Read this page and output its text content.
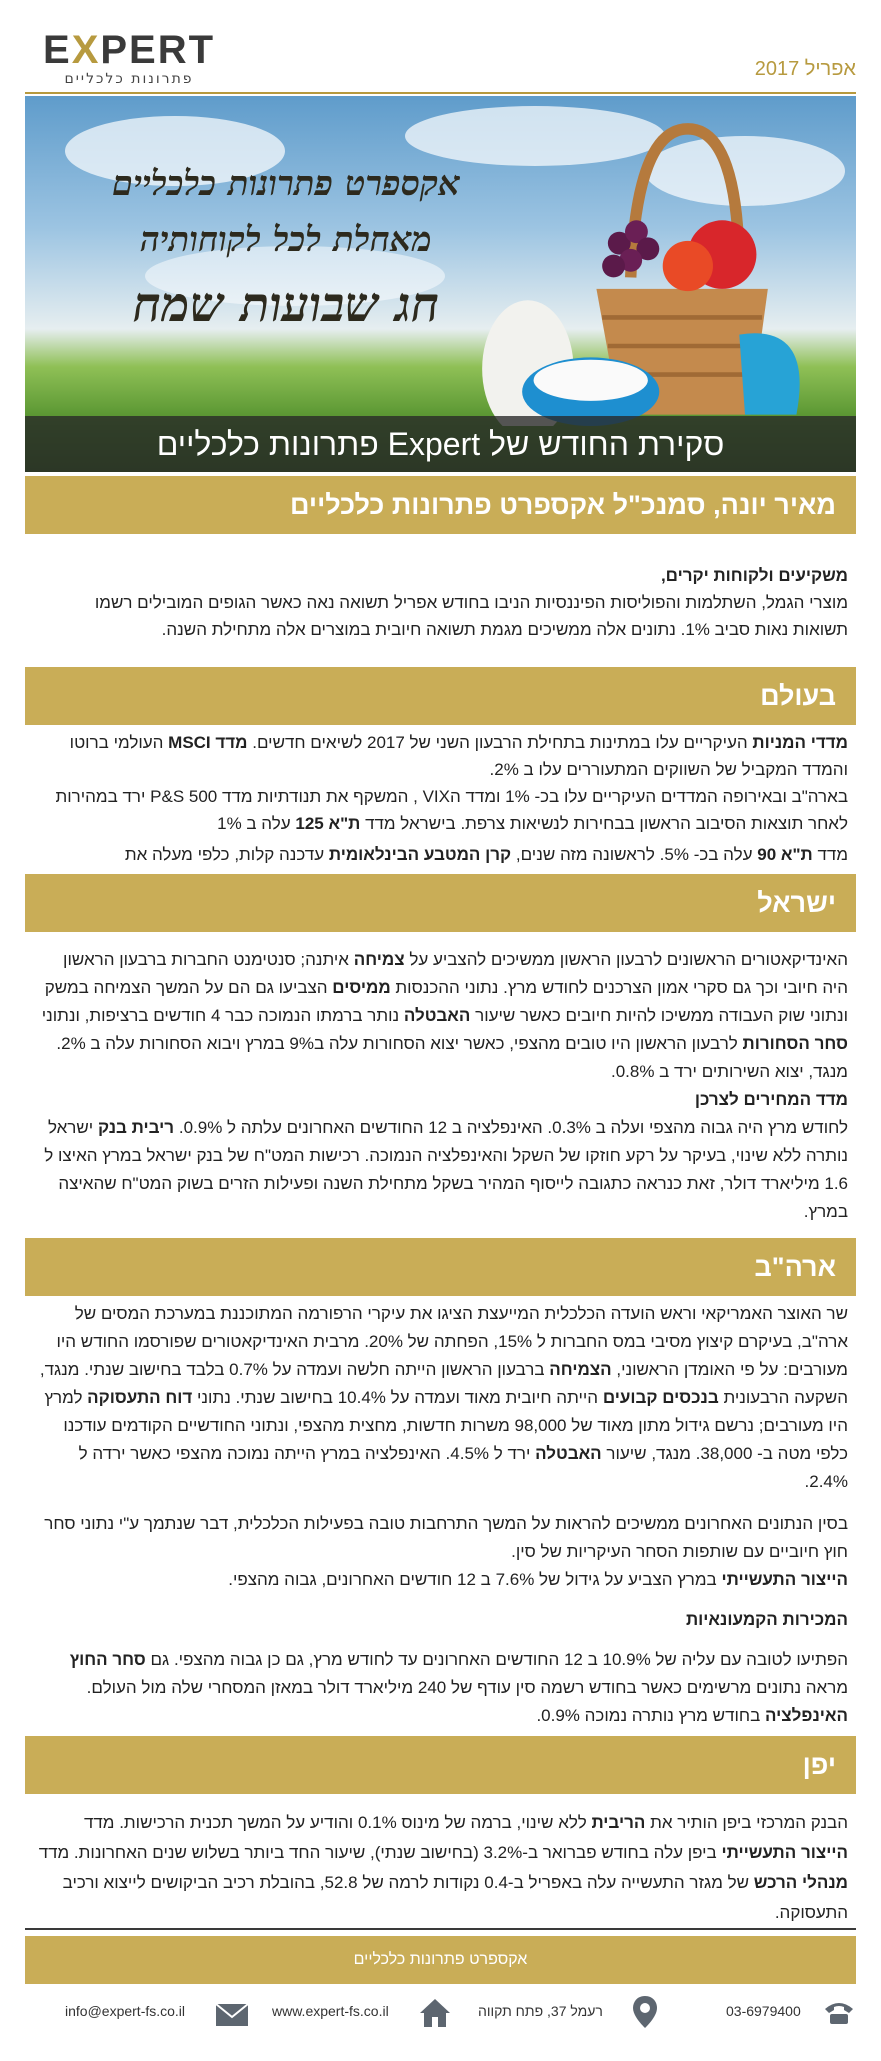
EXPERT
פתרונות כלכליים	אפריל 2017
אקספרט פתרונות כלכליים
מאחלת לכל לקוחותיה
חג שבועות שמח
סקירת החודש של Expert פתרונות כלכליים
מאיר יונה, סמנכ"ל אקספרט פתרונות כלכליים

משקיעים ולקוחות יקרים,

מוצרי הגמל, השתלמות והפוליסות הפיננסיות הניבו בחודש אפריל תשואה נאה כאשר הגופים המובילים רשמו תשואות נאות סביב 1%. נתונים אלה ממשיכים מגמת תשואה חיובית במוצרים אלה מתחילת השנה.

בעולם

מדדי המניות העיקריים עלו במתינות בתחילת הרבעון השני של 2017 לשיאים חדשים. מדד MSCI העולמי ברוטו והמדד המקביל של השווקים המתעוררים עלו ב 2%.

בארה"ב ובאירופה המדדים העיקריים עלו בכ- 1% ומדד הVIX , המשקף את תנודתיות מדד P&S 500 ירד במהירות לאחר תוצאות הסיבוב הראשון בבחירות לנשיאות צרפת. בישראל מדד ת"א 125 עלה ב 1%

מדד ת"א 90 עלה בכ- 5%. לראשונה מזה שנים, קרן המטבע הבינלאומית עדכנה קלות, כלפי מעלה את

ישראל

האינדיקאטורים הראשונים לרבעון הראשון ממשיכים להצביע על צמיחה איתנה; סנטימנט החברות ברבעון הראשון היה חיובי וכך גם סקרי אמון הצרכנים לחודש מרץ. נתוני ההכנסות ממיסים הצביעו גם הם על המשך הצמיחה במשק ונתוני שוק העבודה ממשיכו להיות חיובים כאשר שיעור האבטלה נותר ברמתו הנמוכה כבר 4 חודשים ברציפות, ונתוני סחר הסחורות לרבעון הראשון היו טובים מהצפי, כאשר יצוא הסחורות עלה ב9% במרץ ויבוא הסחורות עלה ב 2%. מנגד, יצוא השירותים ירד ב 0.8%.

מדד המחירים לצרכן

לחודש מרץ היה גבוה מהצפי ועלה ב 0.3%. האינפלציה ב 12 החודשים האחרונים עלתה ל 0.9%. ריבית בנק ישראל נותרה ללא שינוי, בעיקר על רקע חוזקו של השקל והאינפלציה הנמוכה. רכישות המט"ח של בנק ישראל במרץ האיצו ל 1.6 מיליארד דולר, זאת כנראה כתגובה לייסוף המהיר בשקל מתחילת השנה ופעילות הזרים בשוק המט"ח שהאיצה במרץ.

ארה"ב

שר האוצר האמריקאי וראש הועדה הכלכלית המייעצת הציגו את עיקרי הרפורמה המתוכננת במערכת המסים של ארה"ב, בעיקרם קיצוץ מסיבי במס החברות ל 15%, הפחתה של 20%. מרבית האינדיקאטורים שפורסמו החודש היו מעורבים: על פי האומדן הראשוני, הצמיחה ברבעון הראשון הייתה חלשה ועמדה על 0.7% בלבד בחישוב שנתי. מנגד, השקעה הרבעונית בנכסים קבועים הייתה חיובית מאוד ועמדה על 10.4% בחישוב שנתי. נתוני דוח התעסוקה למרץ היו מעורבים; נרשם גידול מתון מאוד של 98,000 משרות חדשות, מחצית מהצפי, ונתוני החודשיים הקודמים עודכנו כלפי מטה ב- 38,000. מנגד, שיעור האבטלה ירד ל 4.5%. האינפלציה במרץ הייתה נמוכה מהצפי כאשר ירדה ל 2.4%.

בסין הנתונים האחרונים ממשיכים להראות על המשך התרחבות טובה בפעילות הכלכלית, דבר שנתמך ע"י נתוני סחר חוץ חיוביים עם שותפות הסחר העיקריות של סין.

הייצור התעשייתי במרץ הצביע על גידול של 7.6% ב 12 חודשים האחרונים, גבוה מהצפי.

המכירות הקמעונאיות

הפתיעו לטובה עם עליה של 10.9% ב 12 החודשים האחרונים עד לחודש מרץ, גם כן גבוה מהצפי. גם סחר החוץ מראה נתונים מרשימים כאשר בחודש רשמה סין עודף של 240 מיליארד דולר במאזן המסחרי שלה מול העולם. האינפלציה בחודש מרץ נותרה נמוכה 0.9%.

יפן

הבנק המרכזי ביפן הותיר את הריבית ללא שינוי, ברמה של מינוס 0.1% והודיע על המשך תכנית הרכישות. מדד הייצור התעשייתי ביפן עלה בחודש פברואר ב-3.2% (בחישוב שנתי), שיעור החד ביותר בשלוש שנים האחרונות. מדד מנהלי הרכש של מגזר התעשייה עלה באפריל ב-0.4 נקודות לרמה של 52.8, בהובלת רכיב הביקושים לייצוא ורכיב התעסוקה.

אקספרט פתרונות כלכליים
info@expert-fs.co.il	www.expert-fs.co.il	רעמל 37, פתח תקווה	03-6979400
